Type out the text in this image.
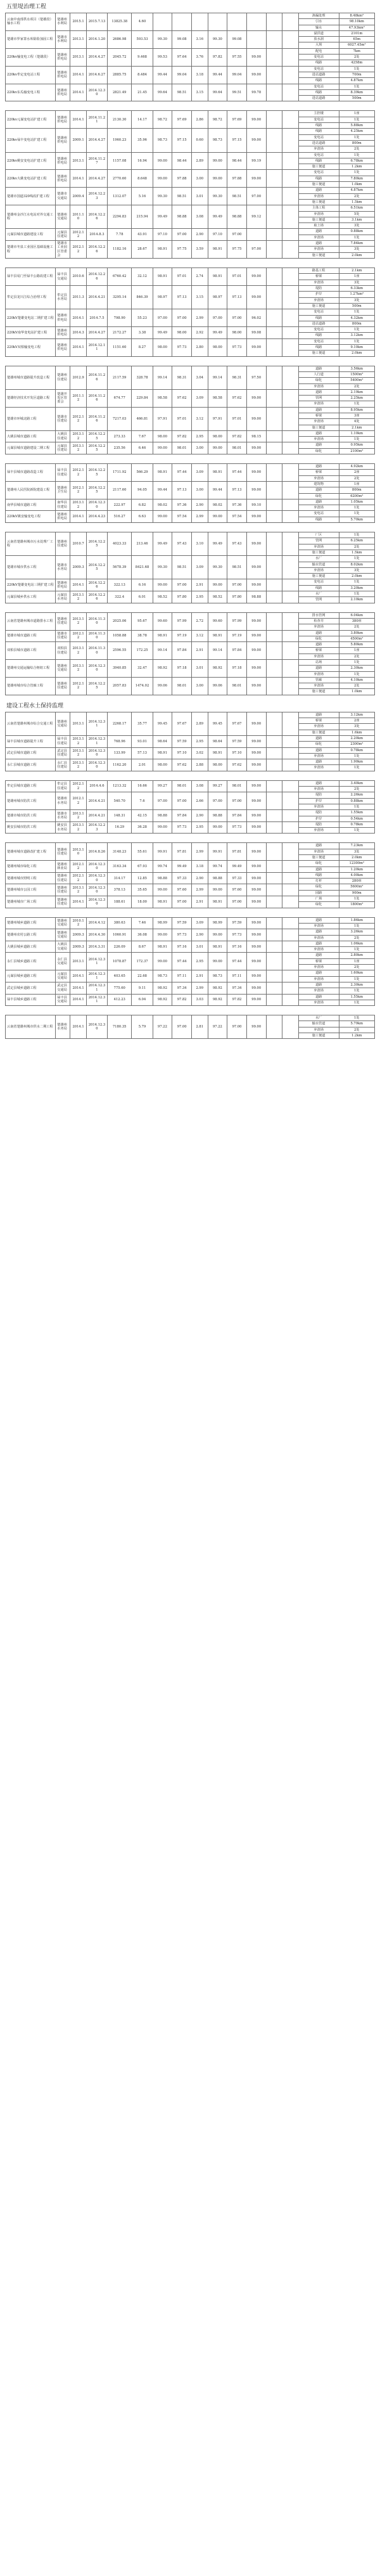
五里堤治理工程
云南中南部供水项目（楚雄段）输水工程	楚雄州水利局	2015.1	2015.7.13	13825.38	4.60									渗漏处理	8.48km²
														引水	98.10km
														输水	47.93km²
楚雄市罗家箐水库除险加固工程	楚雄市水利局	2013.1	2014.1.20	2686.98	593.53	99.30	99.08	3.16	99.30	99.08				溢洪道	2101m
														放水洞	65m
														大坝	6027.45m²
220kv输变电工程（楚雄段）	楚雄州供电局	2013.1	2014.4.27	2045.72	9.468	99.53	97.64	3.76	97.82	97.55	99.00			配电	7km
														变电站	2处
														线路	4258m
220kv牟定变电站工程	楚雄州供电局	2014.1	2014.6.27	2885.75	8.484	99.44	99.04	3.18	99.44	99.04	99.00			变电站	1处
														进站道路	700m
														线路	4.87km
220kv东瓜输变电工程	楚雄州供电局	2014.1	2014.12.30	2821.49	21.45	99.64	98.51	3.15	99.64	99.51	99.78			变电站	1处
														线路	8.39km
														进站道路	500m
220kv元谋变电站扩建工程	楚雄州供电局	2014.1	2014.11.21	2130.30	14.17	98.72	97.69	2.86	98.72	97.69	99.00			主控楼	1座
														变电站	1处
														线路	5.88km
220kv禄丰变电站扩建工程	楚雄州供电局	2009.1	2014.4.27	1960.23	35.96	98.73	97.15	0.60	98.73	97.15	99.00			线路	4.25km
														变电站	1处
														进站道路	800m
														弃渣场	2处
220kv姚安变电站扩建工程	楚雄州供电局	2013.1	2014.11.27	1157.08	16.94	99.00	98.44	2.89	99.00	98.44	99.19			变电站	1处
														线路	6.78km
														施工便道	1.2km
220kv大姚变电站扩建工程	楚雄州供电局	2014.1	2014.4.27	2770.60	8.648	99.00	97.88	3.00	99.00	97.88	99.00			变电站	1处
														线路	7.80km
														施工便道	1.0km
楚雄市国道320线改扩建工程	楚雄市交通局	2009.4	2014.12.23	1312.07	5.16	99.30	98.51	3.01	99.30	98.51	97.00			道路	4.87km
														弃渣场	2处
														施工便道	1.5km
楚雄州金沙江水电站对外交通工程	楚雄州交通局	2011.10	2014.12.26	2294.83	215.94	99.49	98.88	3.08	99.49	98.88	99.12			主体工程	6.51km
														弃渣场	5处
														施工便道	3.1km
														取土场	3处
元谋县城市道路建设工程	元谋县住建局	2012.12	2014.8.3	7.78	43.91	97.10	97.00	2.90	97.10	97.00				道路	0.88km
														弃渣场	1处
楚雄市冬泉工业园区基础设施工程	楚雄市工业园区管委会	2012.12	2014.12.26	1182.16	28.67	98.91	97.75	3.59	98.91	97.75	97.00			道路	7.84km
														弃渣场	3处
														施工便道	2.0km
禄丰县易门至禄丰公路改建工程	禄丰县交通局	2010.6	2014.12.26	6760.42	32.12	98.91	97.01	2.74	98.91	97.01	99.00			路基工程	2.1km
														桥梁	1座
														弃渣场	3处
牟定县龙川江综合治理工程	牟定县水务局	2011.3	2014.4.21	3295.14	846.39	98.97	97.13	3.15	98.97	97.13	99.00			堤防	6.33km
														护岸	1.27km²
														弃渣场	3处
														施工便道	500m
220kV楚雄变电站二期扩建工程	楚雄州供电局	2014.1	2014.7.5	798.90	55.23	97.00	97.00	2.99	97.00	97.00	96.02			变电站	1处
														线路	4.32km
														进站道路	800m
220kV南华变电站扩建工程	楚雄州供电局	2014.3	2014.4.27	2172.27	3.38	99.49	98.00	2.92	99.49	98.00	99.08			变电站	1处
														线路	3.12km
220kV双柏输变电工程	楚雄州供电局	2014.1	2014.12.11	1151.60	8.27	98.00	97.73	2.80	98.00	97.73	99.00			变电站	1处
														线路	9.10km
														施工便道	2.0km
楚雄州城市道路提升改造工程	楚雄州住建局	2012.9	2014.11.26	2117.59	328.78	99.14	98.31	3.04	99.14	98.31	97.50			道路	3.56km
														人行道	1500m²
														绿化	5400m²
														弃渣场	2处
楚雄经济技术开发区道路工程	楚雄开发区管委会	2011.12	2014.11.26	674.77	229.84	98.58	97.62	3.09	98.58	97.62	99.00			道路	2.19km
														管网	2.25km
														弃渣场	1处
楚雄市环城北路工程	楚雄市住建局	2012.12	2014.11.26	7217.03	466.81	97.91	97.01	3.12	97.91	97.01	99.00			道路	8.95km
														桥梁	3座
														弃渣场	4处
														施工便道	2.1km
大姚县城市道路工程	大姚县住建局	2013.12	2014.12.25	273.33	7.67	98.00	97.82	2.95	98.00	97.82	98.15			道路	1.10km
														弃渣场	1处
元谋县城市道路建设二期工程	元谋县住建局	2013.12	2014.12.25	235.56	6.46	99.00	98.01	3.00	99.00	98.01	99.00			道路	0.95km
														绿化	2100m²
禄丰县城市道路改造工程	禄丰县住建局	2012.12	2014.12.25	1711.92	566.29	98.91	97.44	3.09	98.91	97.44	99.00			道路	4.92km
														桥梁	2座
														弃渣场	2处
楚雄州人民医院新院建设工程	楚雄州卫生局	2012.12	2014.12.25	2117.60	94.05	99.44	97.13	3.00	99.44	97.13	99.00			建筑物	1座
														道路	800m
														绿化	6200m²
南华县城市道路工程	南华县住建局	2013.12	2014.12.30	222.97	6.82	98.02	97.36	2.90	98.02	97.36	99.10			道路	1.05km
														弃渣场	1处
220kV姚安输变电工程	楚雄州供电局	2014.1	2014.4.23	516.27	6.63	99.00	97.54	2.99	99.00	97.54	99.00			变电站	1处
														线路	5.70km
云南省楚雄州城市污水处理厂工程	楚雄州住建局	2010.7	2014.12.25	4023.33	213.46	99.49	97.43	3.10	99.49	97.43	99.00			厂区	1处
														管网	6.25km
														弃渣场	2处
														施工便道	1.5km
楚雄市城市供水工程	楚雄市水务局	2009.3	2014.12.25	5678.39	8421.68	99.30	98.51	3.09	99.30	98.51	99.00			水厂	1处
														输水管道	8.02km
														弃渣场	3处
														施工便道	2.0km
220kV楚雄变电站三期扩建工程	楚雄州供电局	2014.1	2014.12.26	322.13	6.16	99.00	97.00	2.91	99.00	97.00	99.00			变电站	1处
														线路	3.20km
元谋县城乡供水工程	元谋县水务局	2013.12	2014.12.26	322.4	6.01	98.52	97.80	2.95	98.52	97.80	98.88			水厂	1处
														管网	2.10km
云南省楚雄州城市道路排水工程	楚雄州住建局	2013.12	2014.11.30	2025.06	95.67	99.60	97.99	2.72	99.60	97.99	99.00			排水管网	6.04km
														检查井	380座
														弃渣场	2处
楚雄市城市道路工程	楚雄市住建局	2012.12	2014.11.30	1058.88	38.78	98.91	97.19	3.12	98.91	97.19	99.00			道路	3.80km
														绿化	4500m²
双柏县城市道路工程	双柏县住建局	2013.12	2014.11.30	2596.55	172.25	99.14	97.84	2.91	99.14	97.84	99.00			道路	5.80km
														桥梁	1座
														弃渣场	2处
楚雄州交通运输综合枢纽工程	楚雄州交通局	2013.12	2014.12.30	3940.85	32.47	98.92	97.18	3.01	98.92	97.18	99.00			站场	1处
														道路	2.30km
														弃渣场	1处
楚雄州城市综合管廊工程	楚雄州住建局	2012.12	2014.12.25	2057.83	1474.02	99.06	98.01	3.00	99.06	98.01	99.00			管廊	4.10km
														弃渣场	2处
														施工便道	1.0km
建设工程水土保持监理
云南省楚雄州城市综合交通工程	楚雄州交通局	2013.1	2014.12.31	2268.17	35.77	99.45	97.67	2.89	99.45	97.67	99.00			道路	3.12km
														桥梁	2座
														弃渣场	3处
														施工便道	1.6km
禄丰县城市道路提升工程	禄丰县住建局	2013.12	2014.12.31	768.96	93.01	98.64	97.59	2.95	98.64	97.59	99.00			道路	2.20km
														绿化	2300m²
武定县城市道路工程	武定县住建局	2013.12	2014.12.30	133.99	57.13	98.91	97.10	3.02	98.91	97.10	99.00			道路	0.78km
														弃渣场	1处
永仁县城市道路工程	永仁县住建局	2013.12	2014.12.30	1162.20	2.01	98.00	97.62	2.88	98.00	97.62	99.00			道路	1.90km
														弃渣场	1处
牟定县城市道路工程	牟定县住建局	2012.12	2014.4.6	1213.32	16.66	99.27	98.01	3.08	99.27	98.01	99.00			道路	3.40km
														弃渣场	2处
楚雄州城市防洪工程	楚雄州水务局	2012.12	2014.4.21	540.70	7.6	97.00	97.00	2.66	97.00	97.00	99.00			堤防	2.26km
														护岸	0.88km
														弃渣场	1处
楚雄市城市防洪工程	楚雄市水务局	2013.12	2014.4.21	148.31	42.15	98.88	97.84	2.90	98.88	97.84	99.00			堤防	1.55km
														护岸	0.54km
姚安县城市防洪工程	姚安县水务局	2013.12	2014.12.23	16.29	36.28	99.00	97.73	2.95	99.00	97.73	99.00			堤防	0.78km
														弃渣场	1处
楚雄州城市道路改扩建工程	楚雄州住建局	2013.10	2014.8.26	3148.23	55.61	99.91	97.81	2.99	99.91	97.81	99.00			道路	7.23km
														弃渣场	3处
														施工便道	2.0km
楚雄州城市绿化工程	楚雄州林业局	2012.12	2014.12.30	3163.34	67.93	99.74	99.49	3.18	99.74	99.49	99.00			绿化	12300m²
														道路	1.20km
楚雄州城市照明工程	楚雄州住建局	2012.12	2014.12.30	314.17	12.85	98.88	97.33	2.90	98.88	97.33	99.00			线路	4.00km
														灯杆	280座
楚雄州城市公园工程	楚雄州住建局	2013.12	2014.12.30	378.13	35.65	99.00	97.60	2.99	99.00	97.60	99.00			绿化	5600m²
														园路	900m
楚雄州城市广场工程	楚雄州住建局	2014.1	2014.12.30	188.61	18.00	98.91	97.00	2.91	98.91	97.00	99.00			广场	1处
														绿化	1800m²
楚雄州城乡道路工程	楚雄州交通局	2010.12	2014.4.12	380.63	7.46	98.99	97.59	3.09	98.99	97.59	99.00			道路	1.86km
														弃渣场	1处
楚雄州农村公路工程	楚雄州交通局	2009.3	2014.4.30	1060.91	36.08	99.00	97.73	2.90	99.00	97.73	99.00			道路	3.26km
														弃渣场	2处
大姚县城乡道路工程	大姚县交通局	2009.3	2014.3.31	226.09	8.67	98.91	97.16	3.01	98.91	97.16	99.00			道路	1.06km
														弃渣场	1处
永仁县城乡道路工程	永仁县交通局	2013.1	2014.12.31	1078.87	172.37	99.00	97.44	2.95	99.00	97.44	99.00			道路	2.80km
														桥梁	1座
														弃渣场	2处
元谋县城乡道路工程	元谋县交通局	2014.1	2014.12.31	403.65	22.68	98.73	97.11	2.91	98.73	97.11	99.00			道路	1.60km
														弃渣场	1处
武定县城乡道路工程	武定县交通局	2014.1	2014.12.31	775.60	9.11	98.92	97.34	2.99	98.92	97.34	99.00			道路	2.30km
														弃渣场	1处
禄丰县城乡道路工程	禄丰县交通局	2014.1	2014.12.31	412.23	6.04	98.92	97.82	3.03	98.92	97.82	99.00			道路	1.55km
														弃渣场	1处
云南省楚雄州城市供水二期工程	楚雄州水务局	2014.1	2014.12.30	7180.35	5.79	97.22	97.00	2.81	97.22	97.00	99.00			水厂	1处
														输水管道	5.79km
														弃渣场	2处
														施工便道	1.2km
